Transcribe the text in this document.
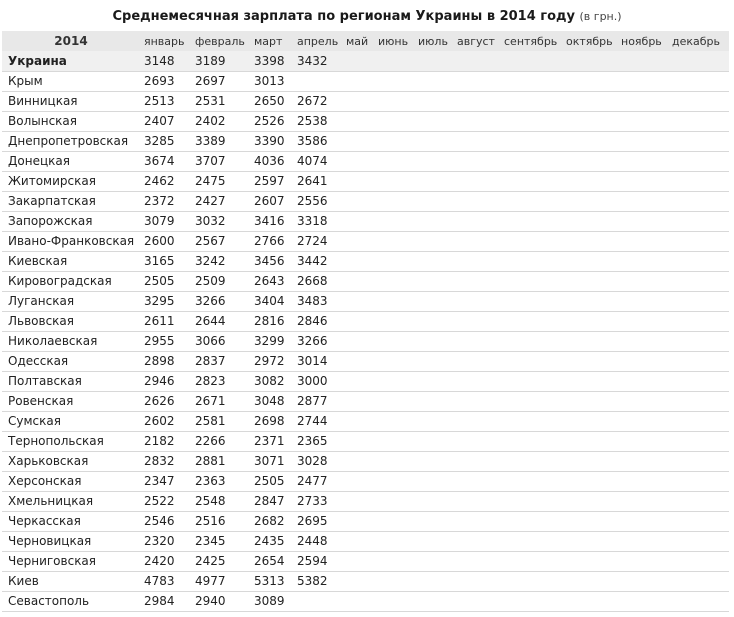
Среднемесячная зарплата по регионам Украины в 2014 году (в грн.)
2014	январь	февраль	март	апрель	май	июнь	июль	август	сентябрь	октябрь	ноябрь	декабрь
Украина	3148	3189	3398	3432								
Крым	2693	2697	3013									
Винницкая	2513	2531	2650	2672								
Волынская	2407	2402	2526	2538								
Днепропетровская	3285	3389	3390	3586								
Донецкая	3674	3707	4036	4074								
Житомирская	2462	2475	2597	2641								
Закарпатская	2372	2427	2607	2556								
Запорожская	3079	3032	3416	3318								
Ивано-Франковская	2600	2567	2766	2724								
Киевская	3165	3242	3456	3442								
Кировоградская	2505	2509	2643	2668								
Луганская	3295	3266	3404	3483								
Львовская	2611	2644	2816	2846								
Николаевская	2955	3066	3299	3266								
Одесская	2898	2837	2972	3014								
Полтавская	2946	2823	3082	3000								
Ровенская	2626	2671	3048	2877								
Сумская	2602	2581	2698	2744								
Тернопольская	2182	2266	2371	2365								
Харьковская	2832	2881	3071	3028								
Херсонская	2347	2363	2505	2477								
Хмельницкая	2522	2548	2847	2733								
Черкасская	2546	2516	2682	2695								
Черновицкая	2320	2345	2435	2448								
Черниговская	2420	2425	2654	2594								
Киев	4783	4977	5313	5382								
Севастополь	2984	2940	3089									
